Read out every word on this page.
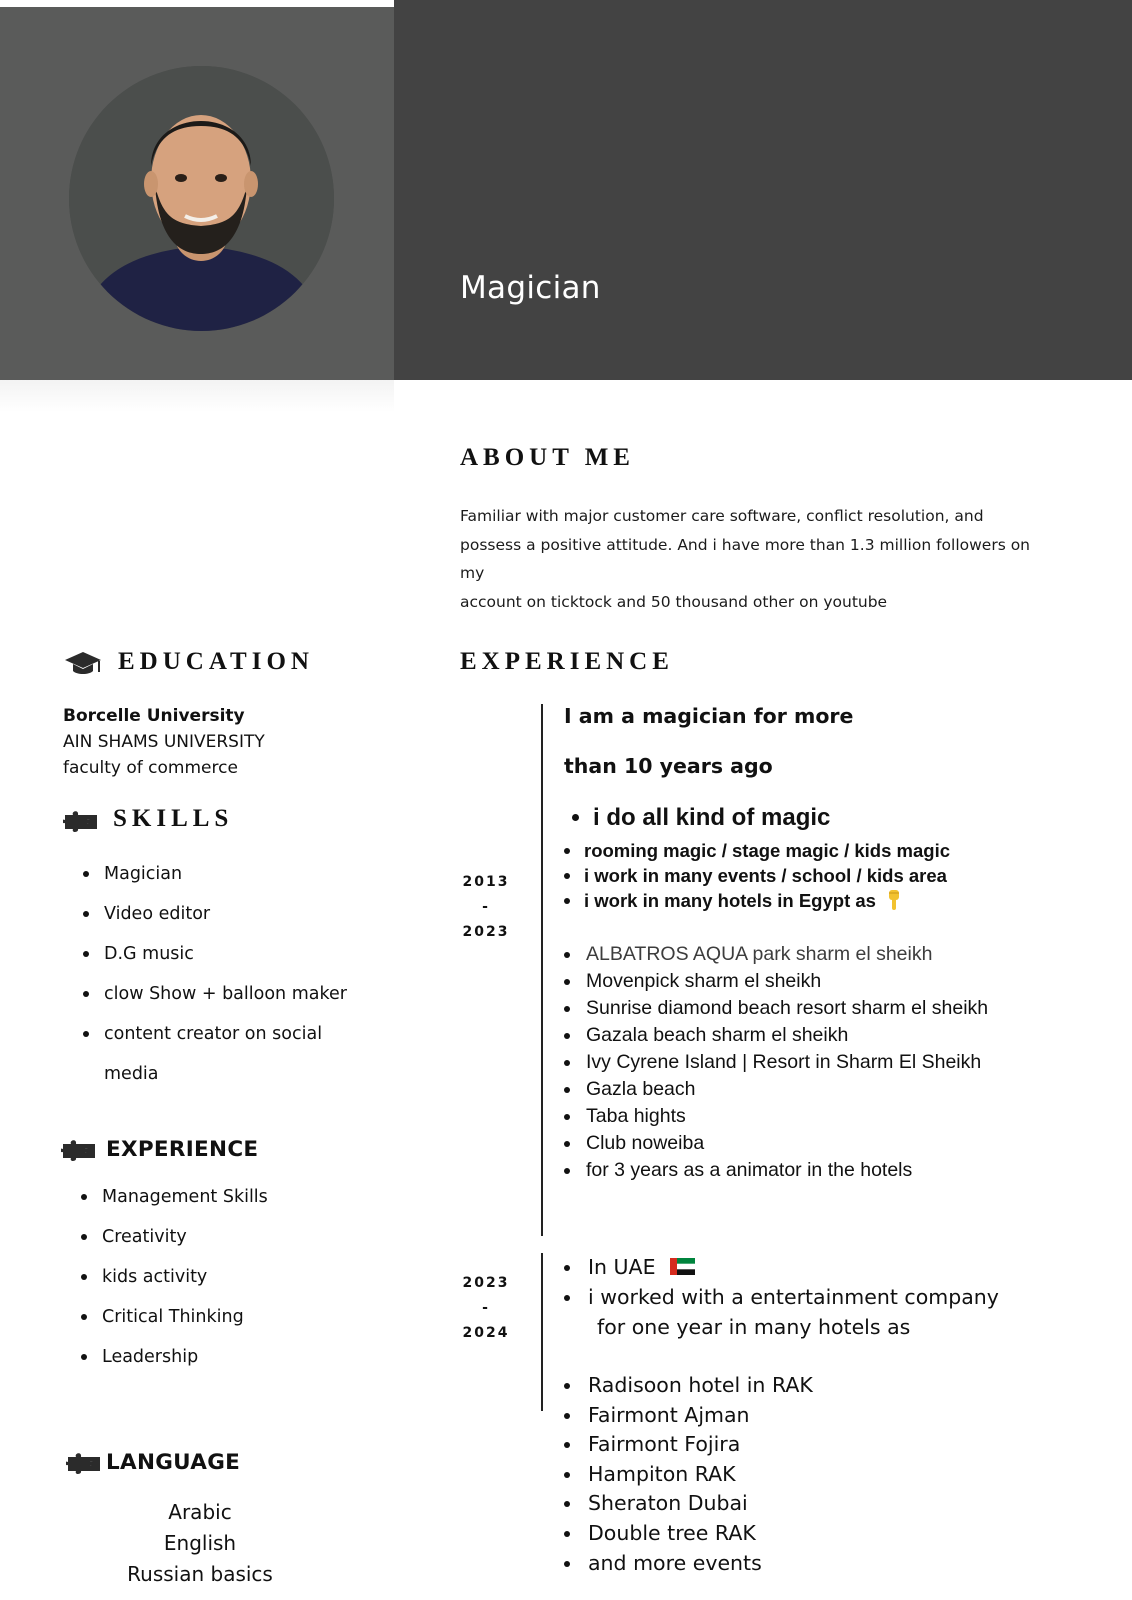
Magician
ABOUT ME
Familiar with major customer care software, conflict resolution, and
possess a positive attitude. And i have more than 1.3 million followers on my
account on ticktock and 50 thousand other on youtube
EDUCATION
Borcelle University
AIN SHAMS UNIVERSITY
faculty of commerce
SKILLS
Magician
Video editor
D.G music
clow Show + balloon maker
content creator on social
media
EXPERIENCE
Management Skills
Creativity
kids activity
Critical Thinking
Leadership
LANGUAGE
Arabic
English
Russian basics
EXPERIENCE
2013
-
2023
I am a magician for more
than 10 years ago
i do all kind of magic
rooming magic / stage magic / kids magic
i work in many events / school / kids area
i work in many hotels in Egypt as
ALBATROS AQUA park sharm el sheikh
Movenpick sharm el sheikh
Sunrise diamond beach resort sharm el sheikh
Gazala beach sharm el sheikh
Ivy Cyrene Island | Resort in Sharm El Sheikh
Gazla beach
Taba hights
Club noweiba
for 3 years as a animator in the hotels
2023
-
2024
In UAE
i worked with a entertainment company
for one year in many hotels as
Radisoon hotel in RAK
Fairmont Ajman
Fairmont Fojira
Hampiton RAK
Sheraton Dubai
Double tree RAK
and more events
